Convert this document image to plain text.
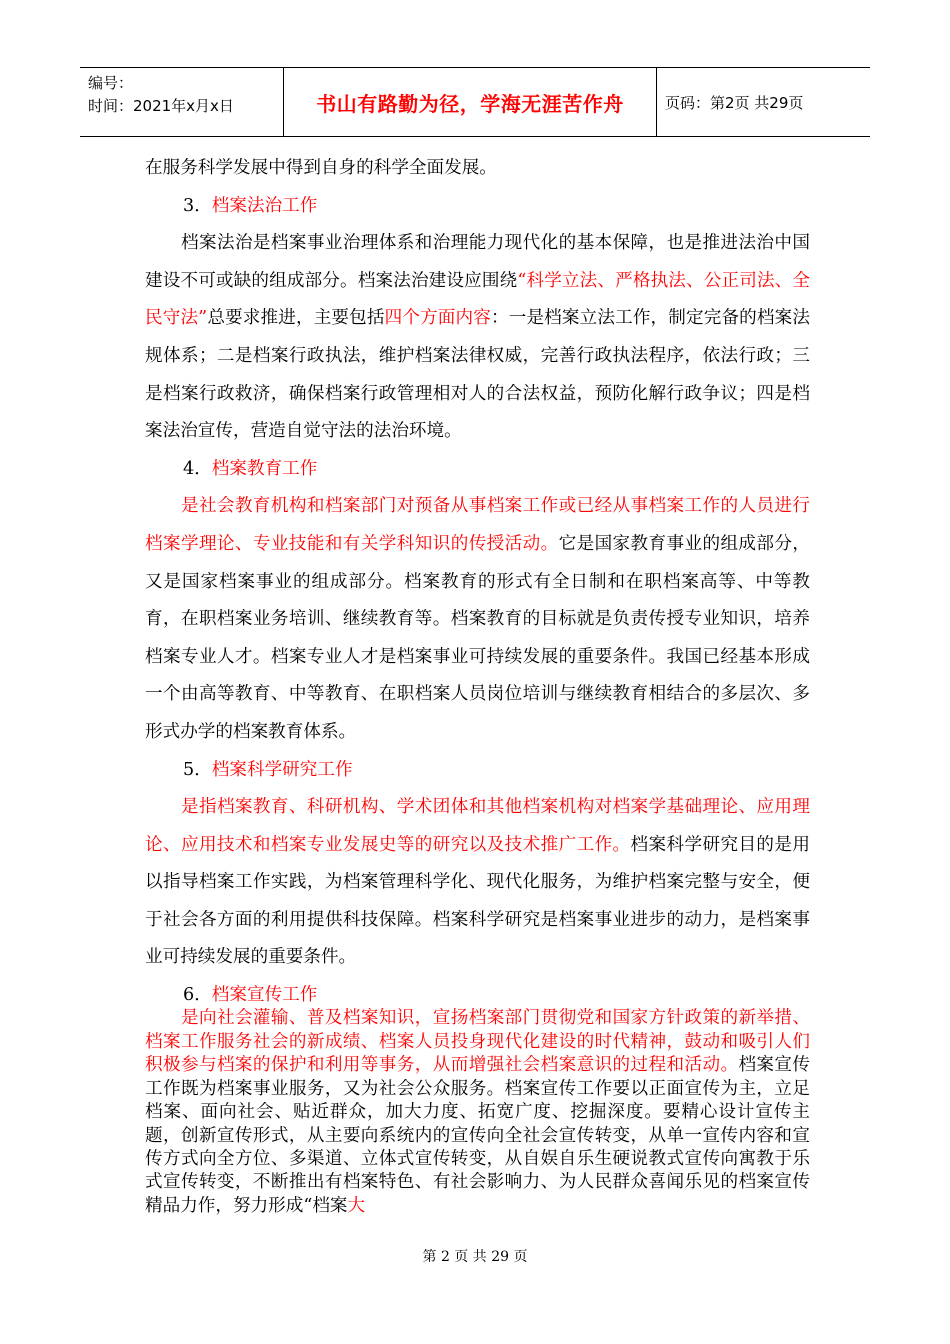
编号：
时间：2021年x月x日	书山有路勤为径，学海无涯苦作舟	页码：第2页 共29页

在服务科学发展中得到自身的科学全面发展。

3．档案法治工作

档案法治是档案事业治理体系和治理能力现代化的基本保障，也是推进法治中国建设不可或缺的组成部分。档案法治建设应围绕“科学立法、严格执法、公正司法、全民守法”总要求推进，主要包括四个方面内容：一是档案立法工作，制定完备的档案法规体系；二是档案行政执法，维护档案法律权威，完善行政执法程序，依法行政；三是档案行政救济，确保档案行政管理相对人的合法权益，预防化解行政争议；四是档案法治宣传，营造自觉守法的法治环境。

4．档案教育工作

是社会教育机构和档案部门对预备从事档案工作或已经从事档案工作的人员进行档案学理论、专业技能和有关学科知识的传授活动。它是国家教育事业的组成部分，又是国家档案事业的组成部分。档案教育的形式有全日制和在职档案高等、中等教育，在职档案业务培训、继续教育等。档案教育的目标就是负责传授专业知识，培养档案专业人才。档案专业人才是档案事业可持续发展的重要条件。我国已经基本形成一个由高等教育、中等教育、在职档案人员岗位培训与继续教育相结合的多层次、多形式办学的档案教育体系。

5．档案科学研究工作

是指档案教育、科研机构、学术团体和其他档案机构对档案学基础理论、应用理论、应用技术和档案专业发展史等的研究以及技术推广工作。档案科学研究目的是用以指导档案工作实践，为档案管理科学化、现代化服务，为维护档案完整与安全，便于社会各方面的利用提供科技保障。档案科学研究是档案事业进步的动力，是档案事业可持续发展的重要条件。

6．档案宣传工作

是向社会灌输、普及档案知识，宣扬档案部门贯彻党和国家方针政策的新举措、档案工作服务社会的新成绩、档案人员投身现代化建设的时代精神，鼓动和吸引人们积极参与档案的保护和利用等事务，从而增强社会档案意识的过程和活动。档案宣传工作既为档案事业服务，又为社会公众服务。档案宣传工作要以正面宣传为主，立足档案、面向社会、贴近群众，加大力度、拓宽广度、挖掘深度。要精心设计宣传主题，创新宣传形式，从主要向系统内的宣传向全社会宣传转变，从单一宣传内容和宣传方式向全方位、多渠道、立体式宣传转变，从自娱自乐生硬说教式宣传向寓教于乐式宣传转变，不断推出有档案特色、有社会影响力、为人民群众喜闻乐见的档案宣传精品力作，努力形成“档案大

第 2 页 共 29 页
